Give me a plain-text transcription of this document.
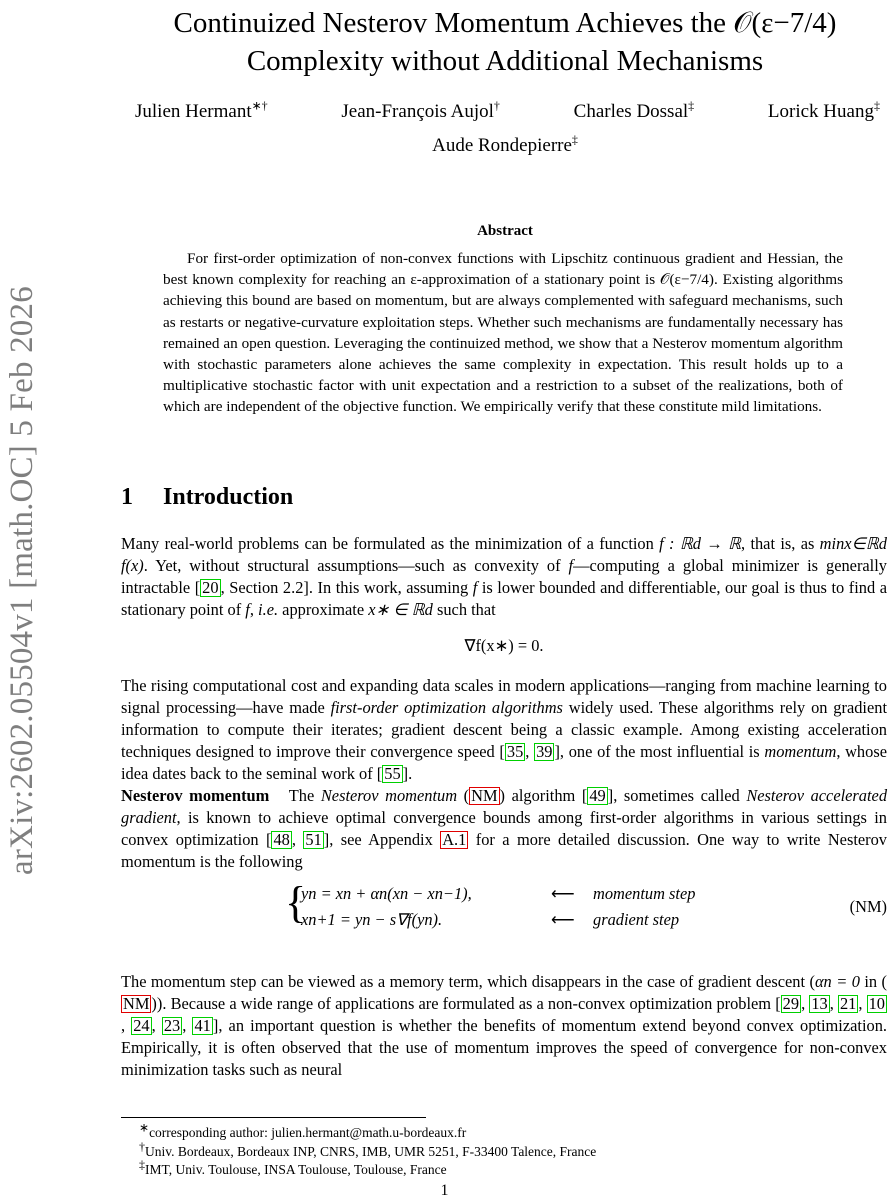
arXiv:2602.05504v1 [math.OC] 5 Feb 2026
Continuized Nesterov Momentum Achieves the 𝒪(ε−7/4)
Complexity without Additional Mechanisms
Julien Hermant∗†	Jean-François Aujol†	Charles Dossal‡	Lorick Huang‡
Aude Rondepierre‡
Abstract

For first-order optimization of non-convex functions with Lipschitz continuous gradient and Hessian, the best known complexity for reaching an ε-approximation of a stationary point is 𝒪(ε−7/4). Existing algorithms achieving this bound are based on momentum, but are always complemented with safeguard mechanisms, such as restarts or negative-curvature exploitation steps. Whether such mechanisms are fundamentally necessary has remained an open question. Leveraging the continuized method, we show that a Nesterov momentum algorithm with stochastic parameters alone achieves the same complexity in expectation. This result holds up to a multiplicative stochastic factor with unit expectation and a restriction to a subset of the realizations, both of which are independent of the objective function. We empirically verify that these constitute mild limitations.

1 Introduction

Many real-world problems can be formulated as the minimization of a function f : ℝd → ℝ, that is, as minx∈ℝd f(x). Yet, without structural assumptions—such as convexity of f—computing a global minimizer is generally intractable [ 20 , Section 2.2]. In this work, assuming f is lower bounded and differentiable, our goal is thus to find a stationary point of f, i.e. approximate x∗ ∈ ℝd such that

∇f(x∗) = 0.

The rising computational cost and expanding data scales in modern applications—ranging from machine learning to signal processing—have made first-order optimization algorithms widely used. These algorithms rely on gradient information to compute their iterates; gradient descent being a classic example. Among existing acceleration techniques designed to improve their convergence speed [ 35 , 39 ], one of the most influential is momentum, whose idea dates back to the seminal work of [ 55 ].

Nesterov momentum   The Nesterov momentum ( NM ) algorithm [ 49 ], sometimes called Nesterov accelerated gradient, is known to achieve optimal convergence bounds among first-order algorithms in various settings in convex optimization [ 48 , 51 ], see Appendix A.1 for a more detailed discussion. One way to write Nesterov momentum is the following

{
yn = xn + αn(xn − xn−1),	⟵ momentum step
xn+1 = yn − s∇f(yn).	⟵ gradient step
(NM)

The momentum step can be viewed as a memory term, which disappears in the case of gradient descent (αn = 0 in (NM )). Because a wide range of applications are formulated as a non-convex optimization problem [ 29 , 13 , 21 , 10, 24 , 23 , 41 ], an important question is whether the benefits of momentum extend beyond convex optimization. Empirically, it is often observed that the use of momentum improves the speed of convergence for non-convex minimization tasks such as neural

∗corresponding author: julien.hermant@math.u-bordeaux.fr
†Univ. Bordeaux, Bordeaux INP, CNRS, IMB, UMR 5251, F-33400 Talence, France
‡IMT, Univ. Toulouse, INSA Toulouse, Toulouse, France
1
